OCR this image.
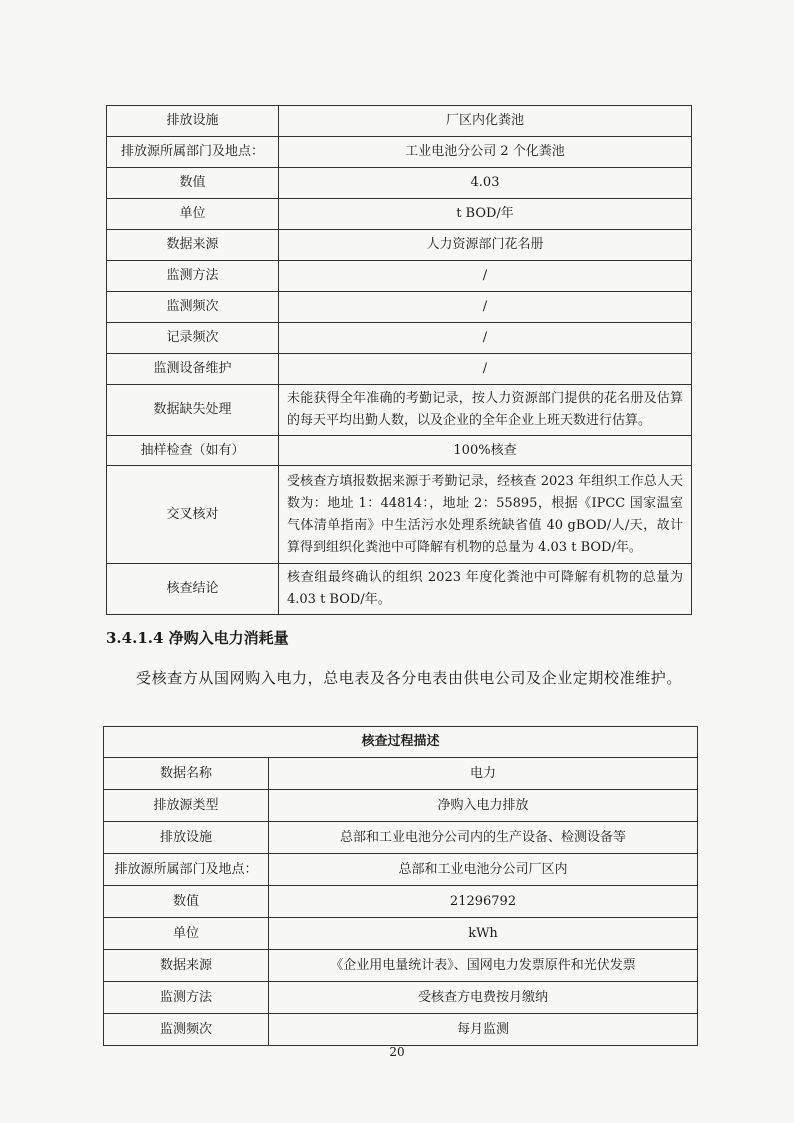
排放设施	厂区内化粪池
排放源所属部门及地点：	工业电池分公司 2 个化粪池
数值	4.03
单位	t BOD/年
数据来源	人力资源部门花名册
监测方法	/
监测频次	/
记录频次	/
监测设备维护	/
数据缺失处理	未能获得全年准确的考勤记录，按人力资源部门提供的花名册及估算的每天平均出勤人数，以及企业的全年企业上班天数进行估算。
抽样检查（如有）	100%核查
交叉核对	受核查方填报数据来源于考勤记录，经核查 2023 年组织工作总人天数为：地址 1：44814：，地址 2：55895，根据《IPCC 国家温室气体清单指南》中生活污水处理系统缺省值 40 gBOD/人/天，故计算得到组织化粪池中可降解有机物的总量为 4.03 t BOD/年。
核查结论	核查组最终确认的组织 2023 年度化粪池中可降解有机物的总量为 4.03 t BOD/年。
3.4.1.4 净购入电力消耗量
受核查方从国网购入电力，总电表及各分电表由供电公司及企业定期校准维护。
核查过程描述	
数据名称	电力
排放源类型	净购入电力排放
排放设施	总部和工业电池分公司内的生产设备、检测设备等
排放源所属部门及地点：	总部和工业电池分公司厂区内
数值	21296792
单位	kWh
数据来源	《企业用电量统计表》、国网电力发票原件和光伏发票
监测方法	受核查方电费按月缴纳
监测频次	每月监测
20
